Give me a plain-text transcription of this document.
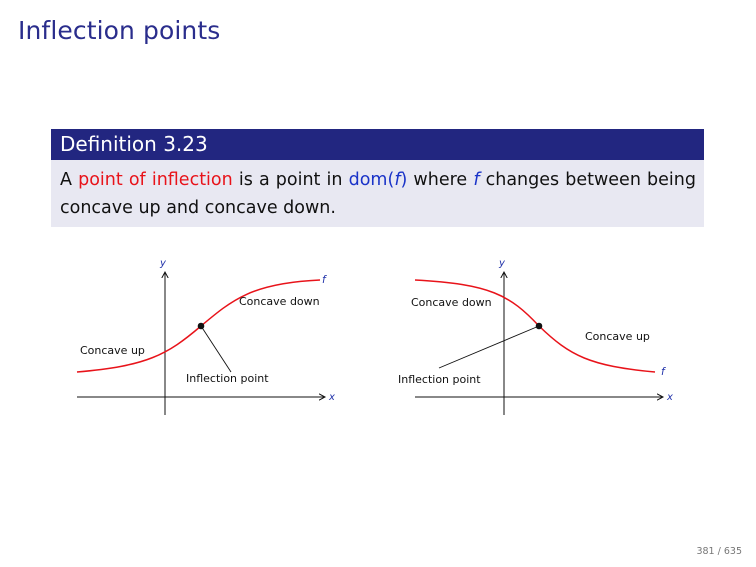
Inflection points
Definition 3.23
A point of inflection is a point in dom(f) where f changes between being concave up and concave down.
x
y
f
Concave down
Concave up
Inflection point
x
y
f
Concave down
Concave up
Inflection point
381 / 635
